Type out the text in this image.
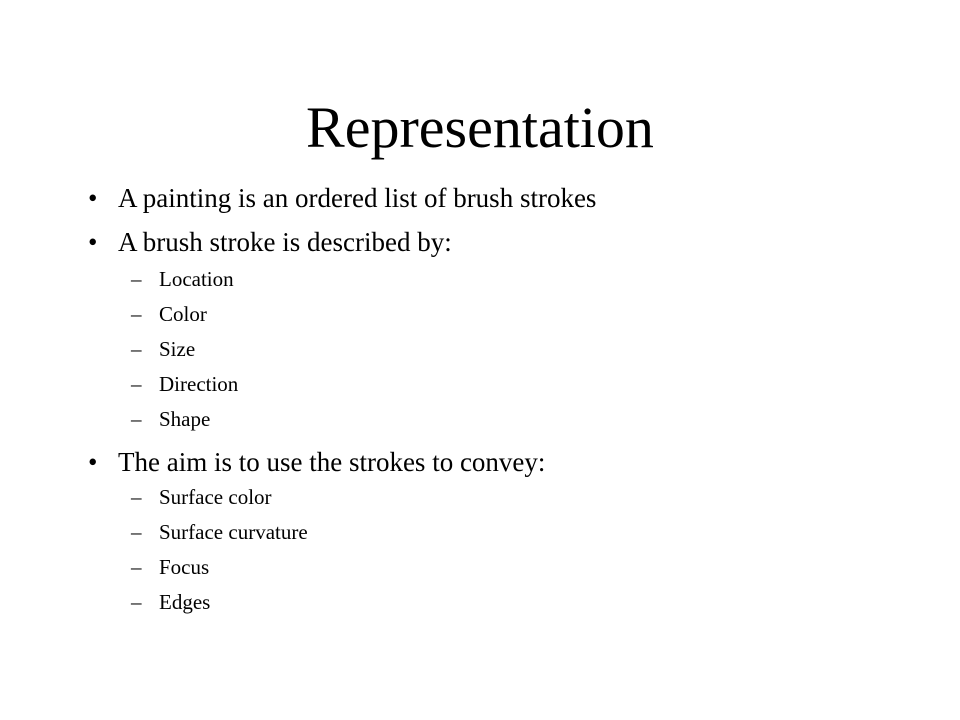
Representation
• A painting is an ordered list of brush strokes
• A brush stroke is described by:
– Location
– Color
– Size
– Direction
– Shape
• The aim is to use the strokes to convey:
– Surface color
– Surface curvature
– Focus
– Edges
